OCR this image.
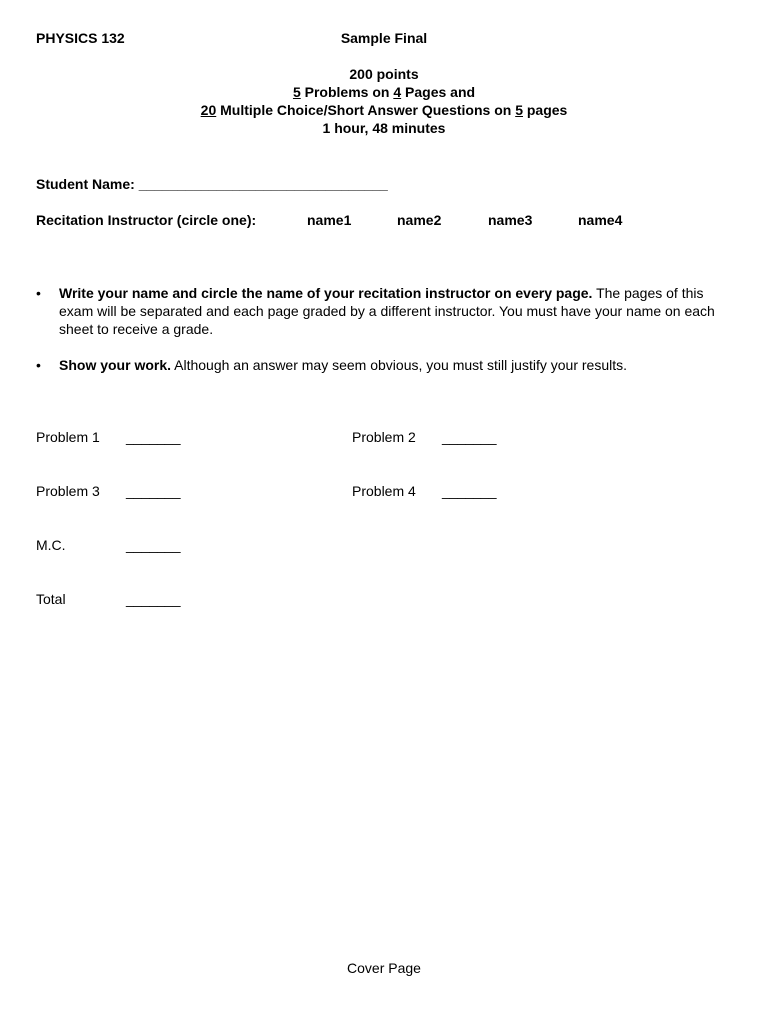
PHYSICS 132	Sample Final
200 points
5 Problems on 4 Pages and
20 Multiple Choice/Short Answer Questions on 5 pages
1 hour, 48 minutes
Student Name: ________________________________
Recitation Instructor (circle one):	name1	name2	name3	name4
•	Write your name and circle the name of your recitation instructor on every page. The pages of this exam will be separated and each page graded by a different instructor. You must have your name on each sheet to receive a grade.
•	Show your work. Although an answer may seem obvious, you must still justify your results.
Problem 1 _______	Problem 2 _______
Problem 3 _______	Problem 4 _______
M.C.	_______
Total	_______
Cover Page
